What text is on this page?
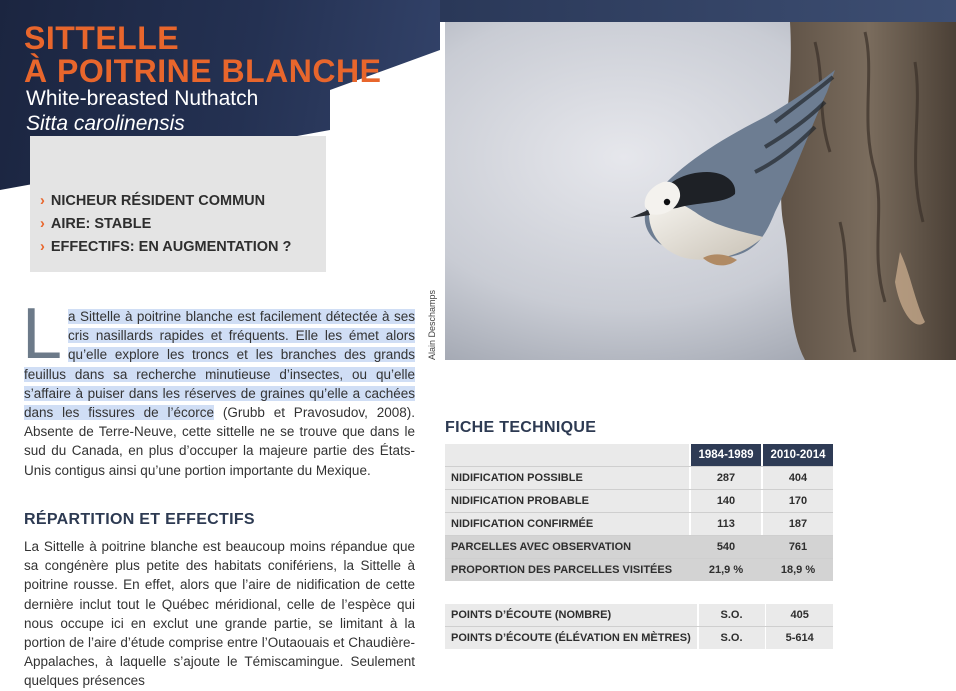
SITTELLE
À POITRINE BLANCHE
White-breasted Nuthatch
Sitta carolinensis
› NICHEUR RÉSIDENT COMMUN
› AIRE: STABLE
› EFFECTIFS: EN AUGMENTATION ?
Alain Deschamps
L a Sittelle à poitrine blanche est facilement détectée à ses cris nasillards rapides et fréquents. Elle les émet alors qu’elle explore les troncs et les branches des grands feuillus dans sa recherche minutieuse d’insectes, ou qu’elle s’affaire à puiser dans les réserves de graines qu’elle a cachées dans les fissures de l’écorce (Grubb et Pravosudov, 2008). Absente de Terre-Neuve, cette sittelle ne se trouve que dans le sud du Canada, en plus d’occuper la majeure partie des États-Unis contigus ainsi qu’une portion importante du Mexique.

RÉPARTITION ET EFFECTIFS

La Sittelle à poitrine blanche est beaucoup moins répandue que sa congénère plus petite des habitats conifériens, la Sittelle à poitrine rousse. En effet, alors que l’aire de nidification de cette dernière inclut tout le Québec méridional, celle de l’espèce qui nous occupe ici en exclut une grande partie, se limitant à la portion de l’aire d’étude comprise entre l’Outaouais et Chaudière-Appalaches, à laquelle s’ajoute le Témiscamingue. Seulement quelques présences

FICHE TECHNIQUE
		1984-1989		2010-2014
NIDIFICATION POSSIBLE		287		404
NIDIFICATION PROBABLE		140		170
NIDIFICATION CONFIRMÉE		113		187
PARCELLES AVEC OBSERVATION		540		761
PROPORTION DES PARCELLES VISITÉES		21,9 %		18,9 %
POINTS D’ÉCOUTE (NOMBRE)		S.O.		405
POINTS D’ÉCOUTE (ÉLÉVATION EN MÈTRES)		S.O.		5-614
